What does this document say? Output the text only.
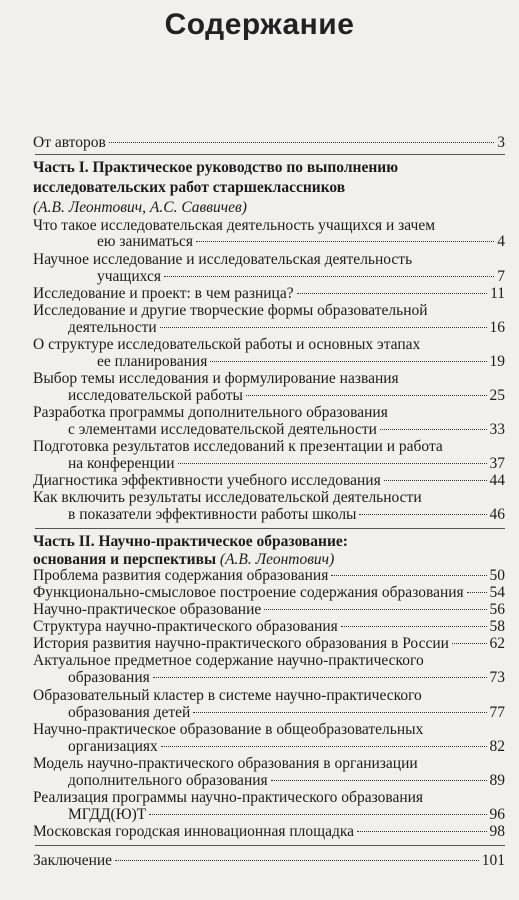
Содержание
От авторов	3
Часть I. Практическое руководство по выполнению
исследовательских работ старшеклассников
(А.В. Леонтович, А.С. Саввичев)
Что такое исследовательская деятельность учащихся и зачем
ею заниматься	4
Научное исследование и исследовательская деятельность
учащихся	7
Исследование и проект: в чем разница?	11
Исследование и другие творческие формы образовательной
деятельности	16
О структуре исследовательской работы и основных этапах
ее планирования	19
Выбор темы исследования и формулирование названия
исследовательской работы	25
Разработка программы дополнительного образования
с элементами исследовательской деятельности	33
Подготовка результатов исследований к презентации и работа
на конференции	37
Диагностика эффективности учебного исследования	44
Как включить результаты исследовательской деятельности
в показатели эффективности работы школы	46
Часть II. Научно-практическое образование:
основания и перспективы (А.В. Леонтович)
Проблема развития содержания образования	50
Функционально-смысловое построение содержания образования 54
Научно-практическое образование	56
Структура научно-практического образования	58
История развития научно-практического образования в России	62
Актуальное предметное содержание научно-практического
образования	73
Образовательный кластер в системе научно-практического
образования детей	77
Научно-практическое образование в общеобразовательных
организациях	82
Модель научно-практического образования в организации
дополнительного образования	89
Реализация программы научно-практического образования
МГДД(Ю)Т	96
Московская городская инновационная площадка	98
Заключение	101
